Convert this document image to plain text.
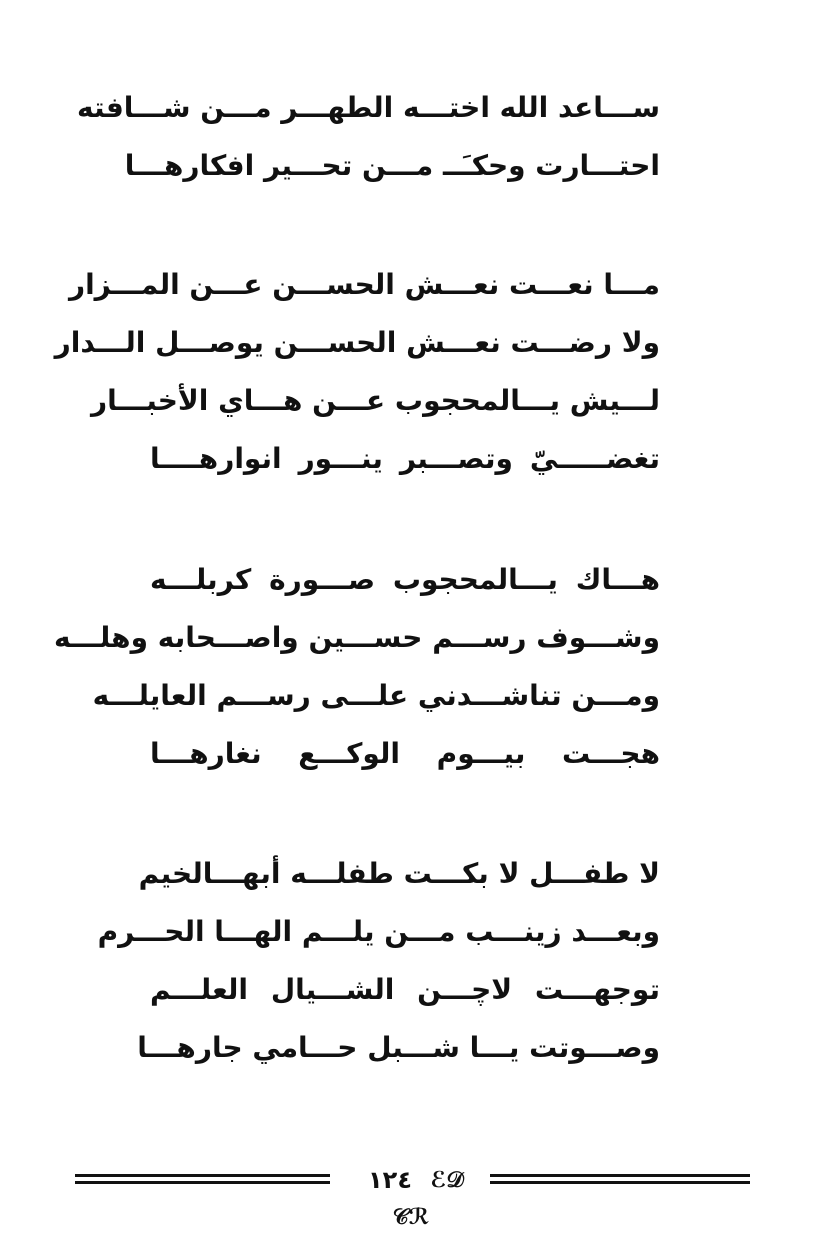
ســـاعد الله اختـــه الطهـــر مـــن شـــافته
احتـــارت وحكـَــ مـــن تحـــير افكارهـــا
مـــا نعـــت نعـــش الحســـن عـــن المـــزار
ولا رضـــت نعـــش الحســـن يوصـــل الـــدار
لـــيش يـــالمحجوب عـــن هـــاي الأخبـــار
تغضـــــيّ وتصـــبر ينـــور انوارهــــا
هـــاك يـــالمحجوب صـــورة كربلـــه
وشـــوف رســـم حســـين واصـــحابه وهلـــه
ومـــن تناشـــدني علـــى رســـم العايلـــه
هجـــت بيـــوم الوكـــع نغارهـــا
لا طفـــل لا بكـــت طفلـــه أبهـــالخيم
وبعـــد زينـــب مـــن يلـــم الهـــا الحـــرم
توجهـــت لاچـــن الشـــيال العلـــم
وصـــوتت يـــا شـــبل حـــامي جارهـــا
ℰ𝒟 ١٢٤ 𝒞ℛ
